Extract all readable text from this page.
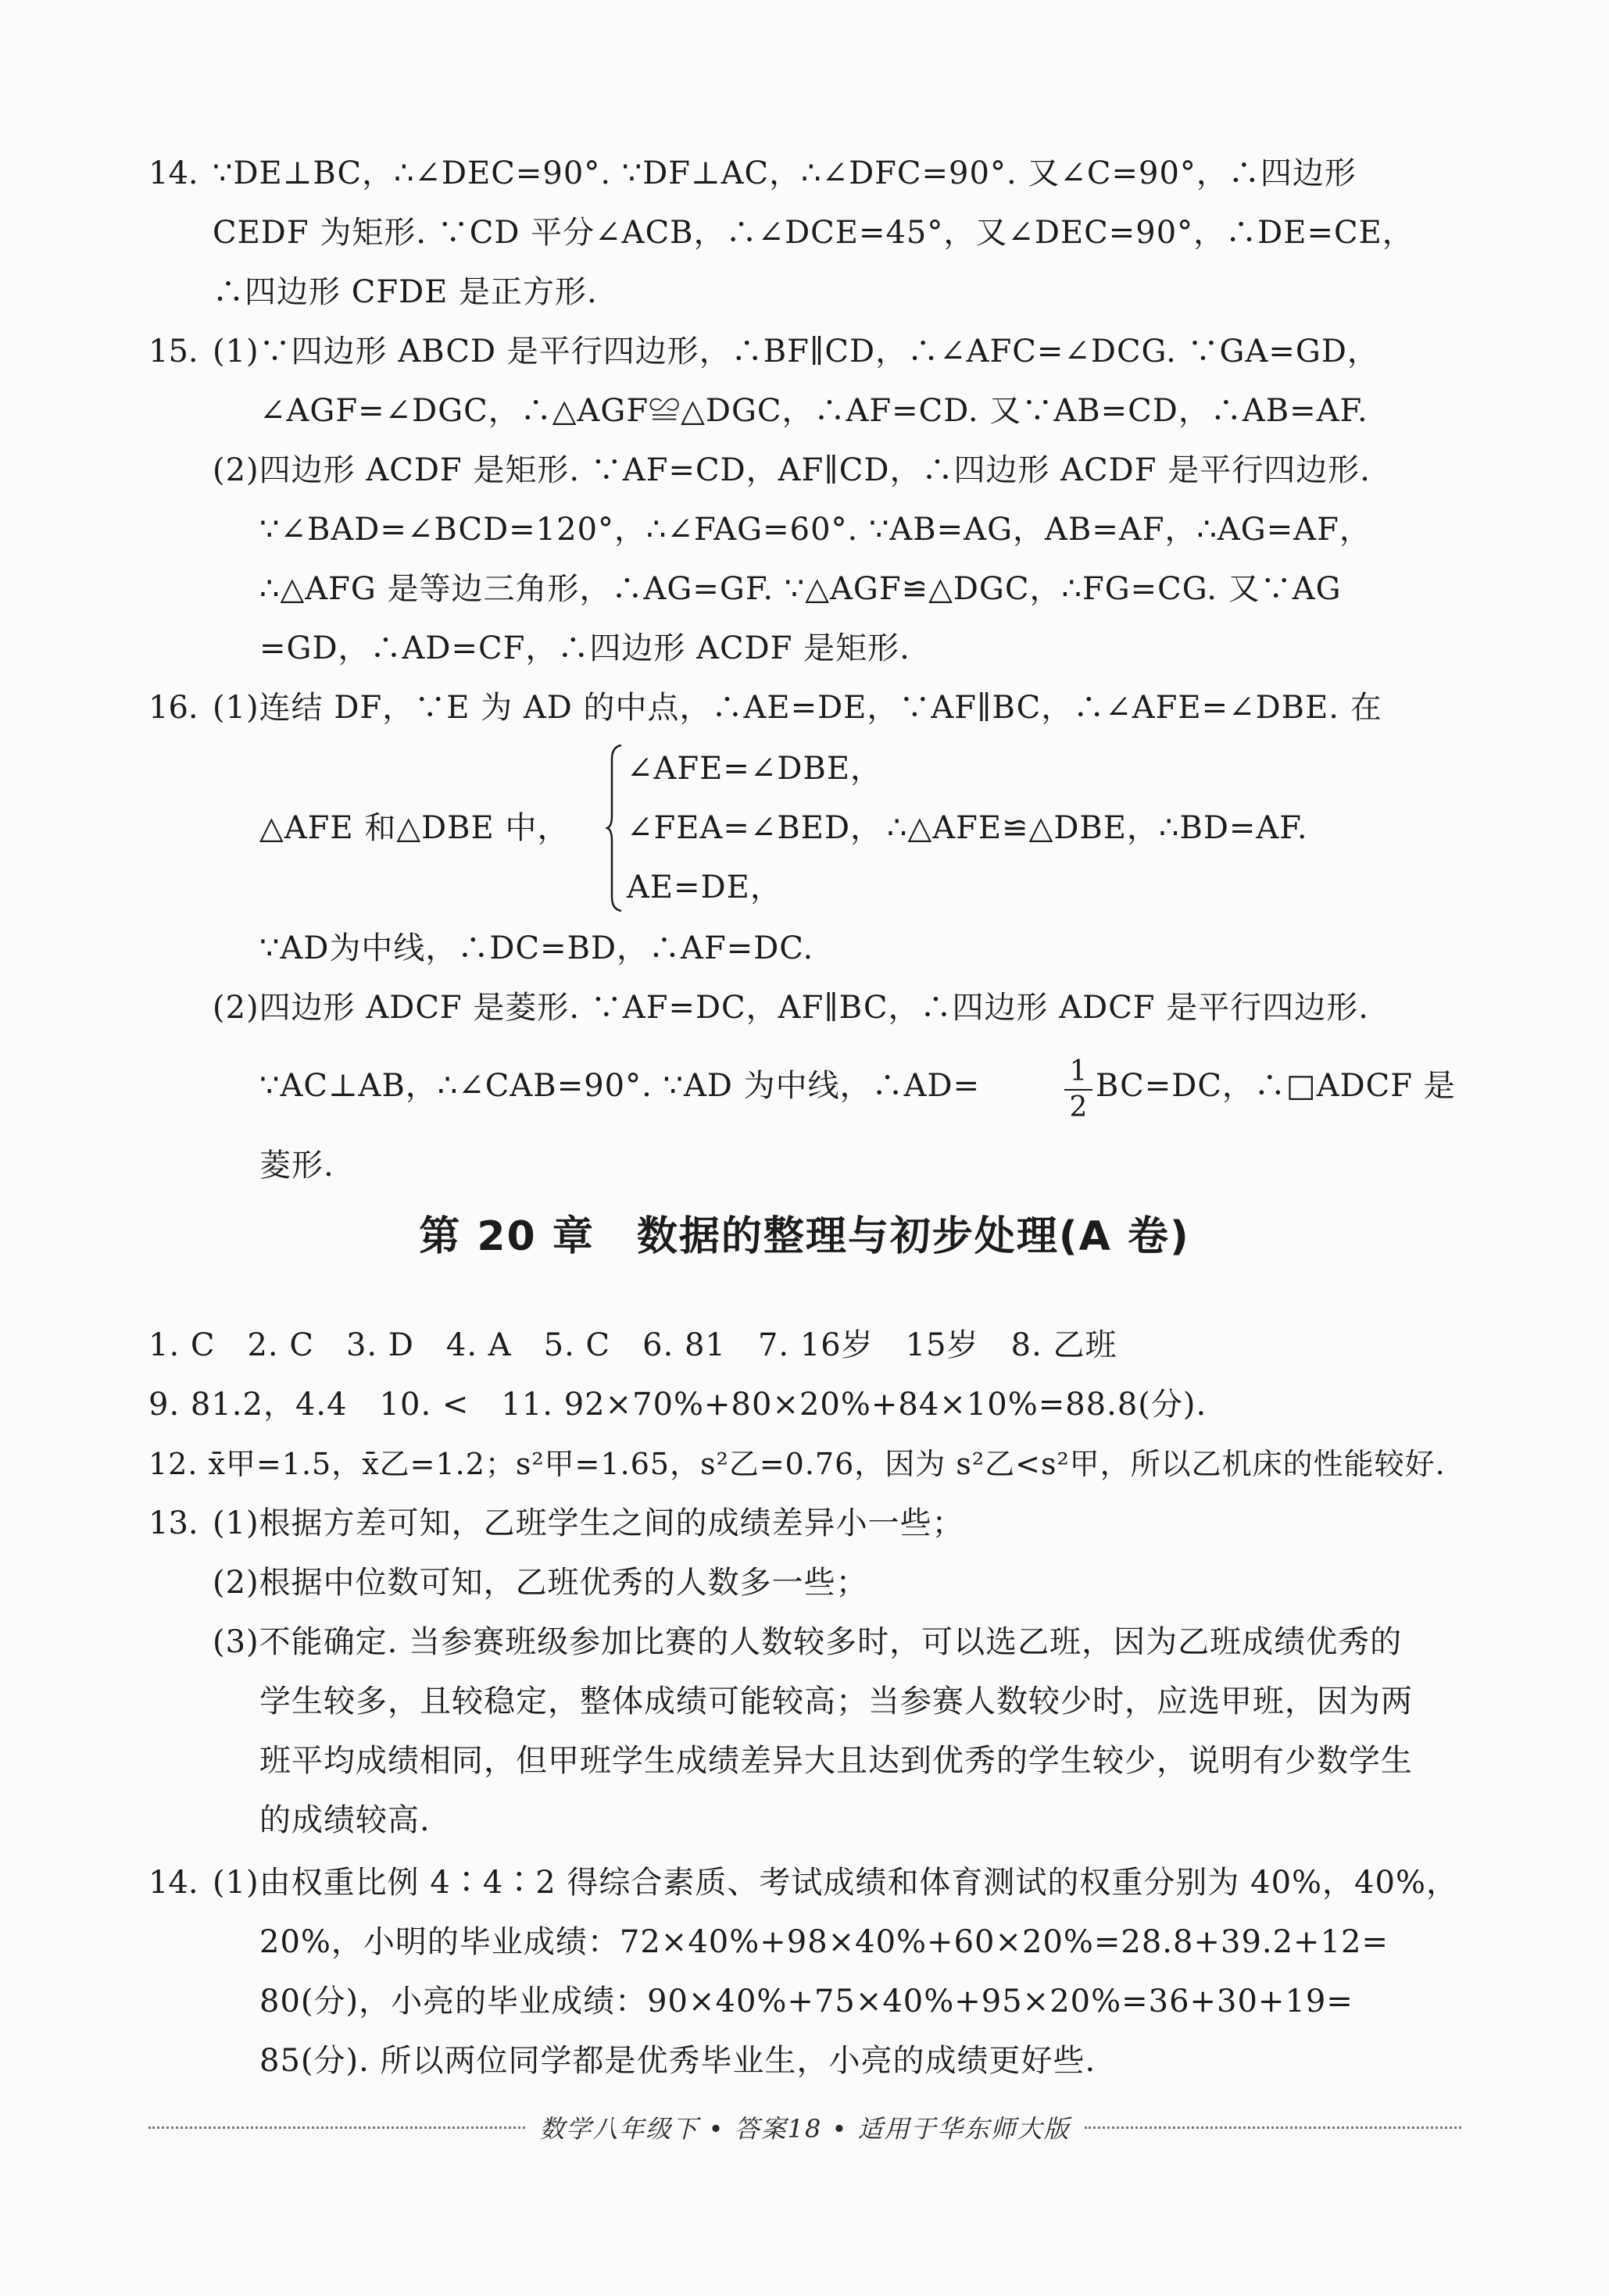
14. ∵DE⊥BC，∴∠DEC=90°. ∵DF⊥AC，∴∠DFC=90°. 又∠C=90°，∴四边形
CEDF 为矩形. ∵CD 平分∠ACB，∴∠DCE=45°，又∠DEC=90°，∴DE=CE，
∴四边形 CFDE 是正方形.
15. (1)∵四边形 ABCD 是平行四边形，∴BF∥CD，∴∠AFC=∠DCG. ∵GA=GD，
∠AGF=∠DGC，∴△AGF≌△DGC，∴AF=CD. 又∵AB=CD，∴AB=AF.
(2)四边形 ACDF 是矩形. ∵AF=CD，AF∥CD，∴四边形 ACDF 是平行四边形.
∵∠BAD=∠BCD=120°，∴∠FAG=60°. ∵AB=AG，AB=AF，∴AG=AF，
∴△AFG 是等边三角形，∴AG=GF. ∵△AGF≌△DGC，∴FG=CG. 又∵AG
=GD，∴AD=CF，∴四边形 ACDF 是矩形.
16. (1)连结 DF，∵E 为 AD 的中点，∴AE=DE，∵AF∥BC，∴∠AFE=∠DBE. 在
△AFE 和△DBE 中，
∠AFE=∠DBE，
∠FEA=∠BED， ∴△AFE≌△DBE，∴BD=AF.
AE=DE，
∵AD为中线，∴DC=BD，∴AF=DC.
(2)四边形 ADCF 是菱形. ∵AF=DC，AF∥BC，∴四边形 ADCF 是平行四边形.
∵AC⊥AB，∴∠CAB=90°. ∵AD 为中线，∴AD=	1
2
BC=DC，∴□ADCF 是
菱形.
第 20 章　数据的整理与初步处理(A 卷)
1. C　2. C　3. D　4. A　5. C　6. 81　7. 16岁　15岁　8. 乙班
9. 81.2，4.4　10. <　11. 92×70%+80×20%+84×10%=88.8(分).
12. x̄甲=1.5，x̄乙=1.2；s²甲=1.65，s²乙=0.76，因为 s²乙<s²甲，所以乙机床的性能较好.
13. (1)根据方差可知，乙班学生之间的成绩差异小一些；
(2)根据中位数可知，乙班优秀的人数多一些；
(3)不能确定. 当参赛班级参加比赛的人数较多时，可以选乙班，因为乙班成绩优秀的
学生较多，且较稳定，整体成绩可能较高；当参赛人数较少时，应选甲班，因为两
班平均成绩相同，但甲班学生成绩差异大且达到优秀的学生较少，说明有少数学生
的成绩较高.
14. (1)由权重比例 4∶4∶2 得综合素质、考试成绩和体育测试的权重分别为 40%，40%，
20%，小明的毕业成绩：72×40%+98×40%+60×20%=28.8+39.2+12=
80(分)，小亮的毕业成绩：90×40%+75×40%+95×20%=36+30+19=
85(分). 所以两位同学都是优秀毕业生，小亮的成绩更好些.
数学八年级下 • 答案18 • 适用于华东师大版
